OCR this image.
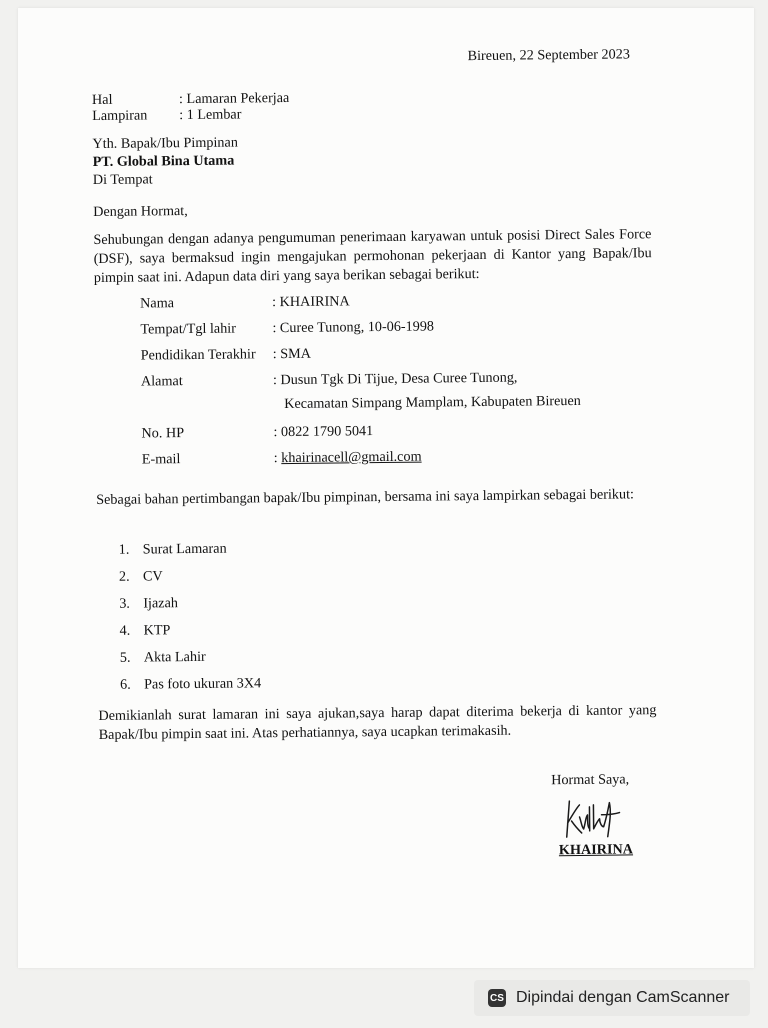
Bireuen, 22 September 2023
Hal	: Lamaran Pekerjaa
Lampiran : 1 Lembar
Yth. Bapak/Ibu Pimpinan
PT. Global Bina Utama
Di Tempat
Dengan Hormat,
Sehubungan dengan adanya pengumuman penerimaan karyawan untuk posisi Direct Sales Force (DSF), saya bermaksud ingin mengajukan permohonan pekerjaan di Kantor yang Bapak/Ibu pimpin saat ini. Adapun data diri yang saya berikan sebagai berikut:
Nama	: KHAIRINA
Tempat/Tgl lahir	: Curee Tunong, 10-06-1998
Pendidikan Terakhir : SMA
Alamat	: Dusun Tgk Di Tijue, Desa Curee Tunong,
Kecamatan Simpang Mamplam, Kabupaten Bireuen
No. HP	: 0822 1790 5041
E-mail	: khairinacell@gmail.com
Sebagai bahan pertimbangan bapak/Ibu pimpinan, bersama ini saya lampirkan sebagai berikut:
1. Surat Lamaran
2. CV
3. Ijazah
4. KTP
5. Akta Lahir
6. Pas foto ukuran 3X4
Demikianlah surat lamaran ini saya ajukan,saya harap dapat diterima bekerja di kantor yang Bapak/Ibu pimpin saat ini. Atas perhatiannya, saya ucapkan terimakasih.
Hormat Saya,
KHAIRINA
CS Dipindai dengan CamScanner
